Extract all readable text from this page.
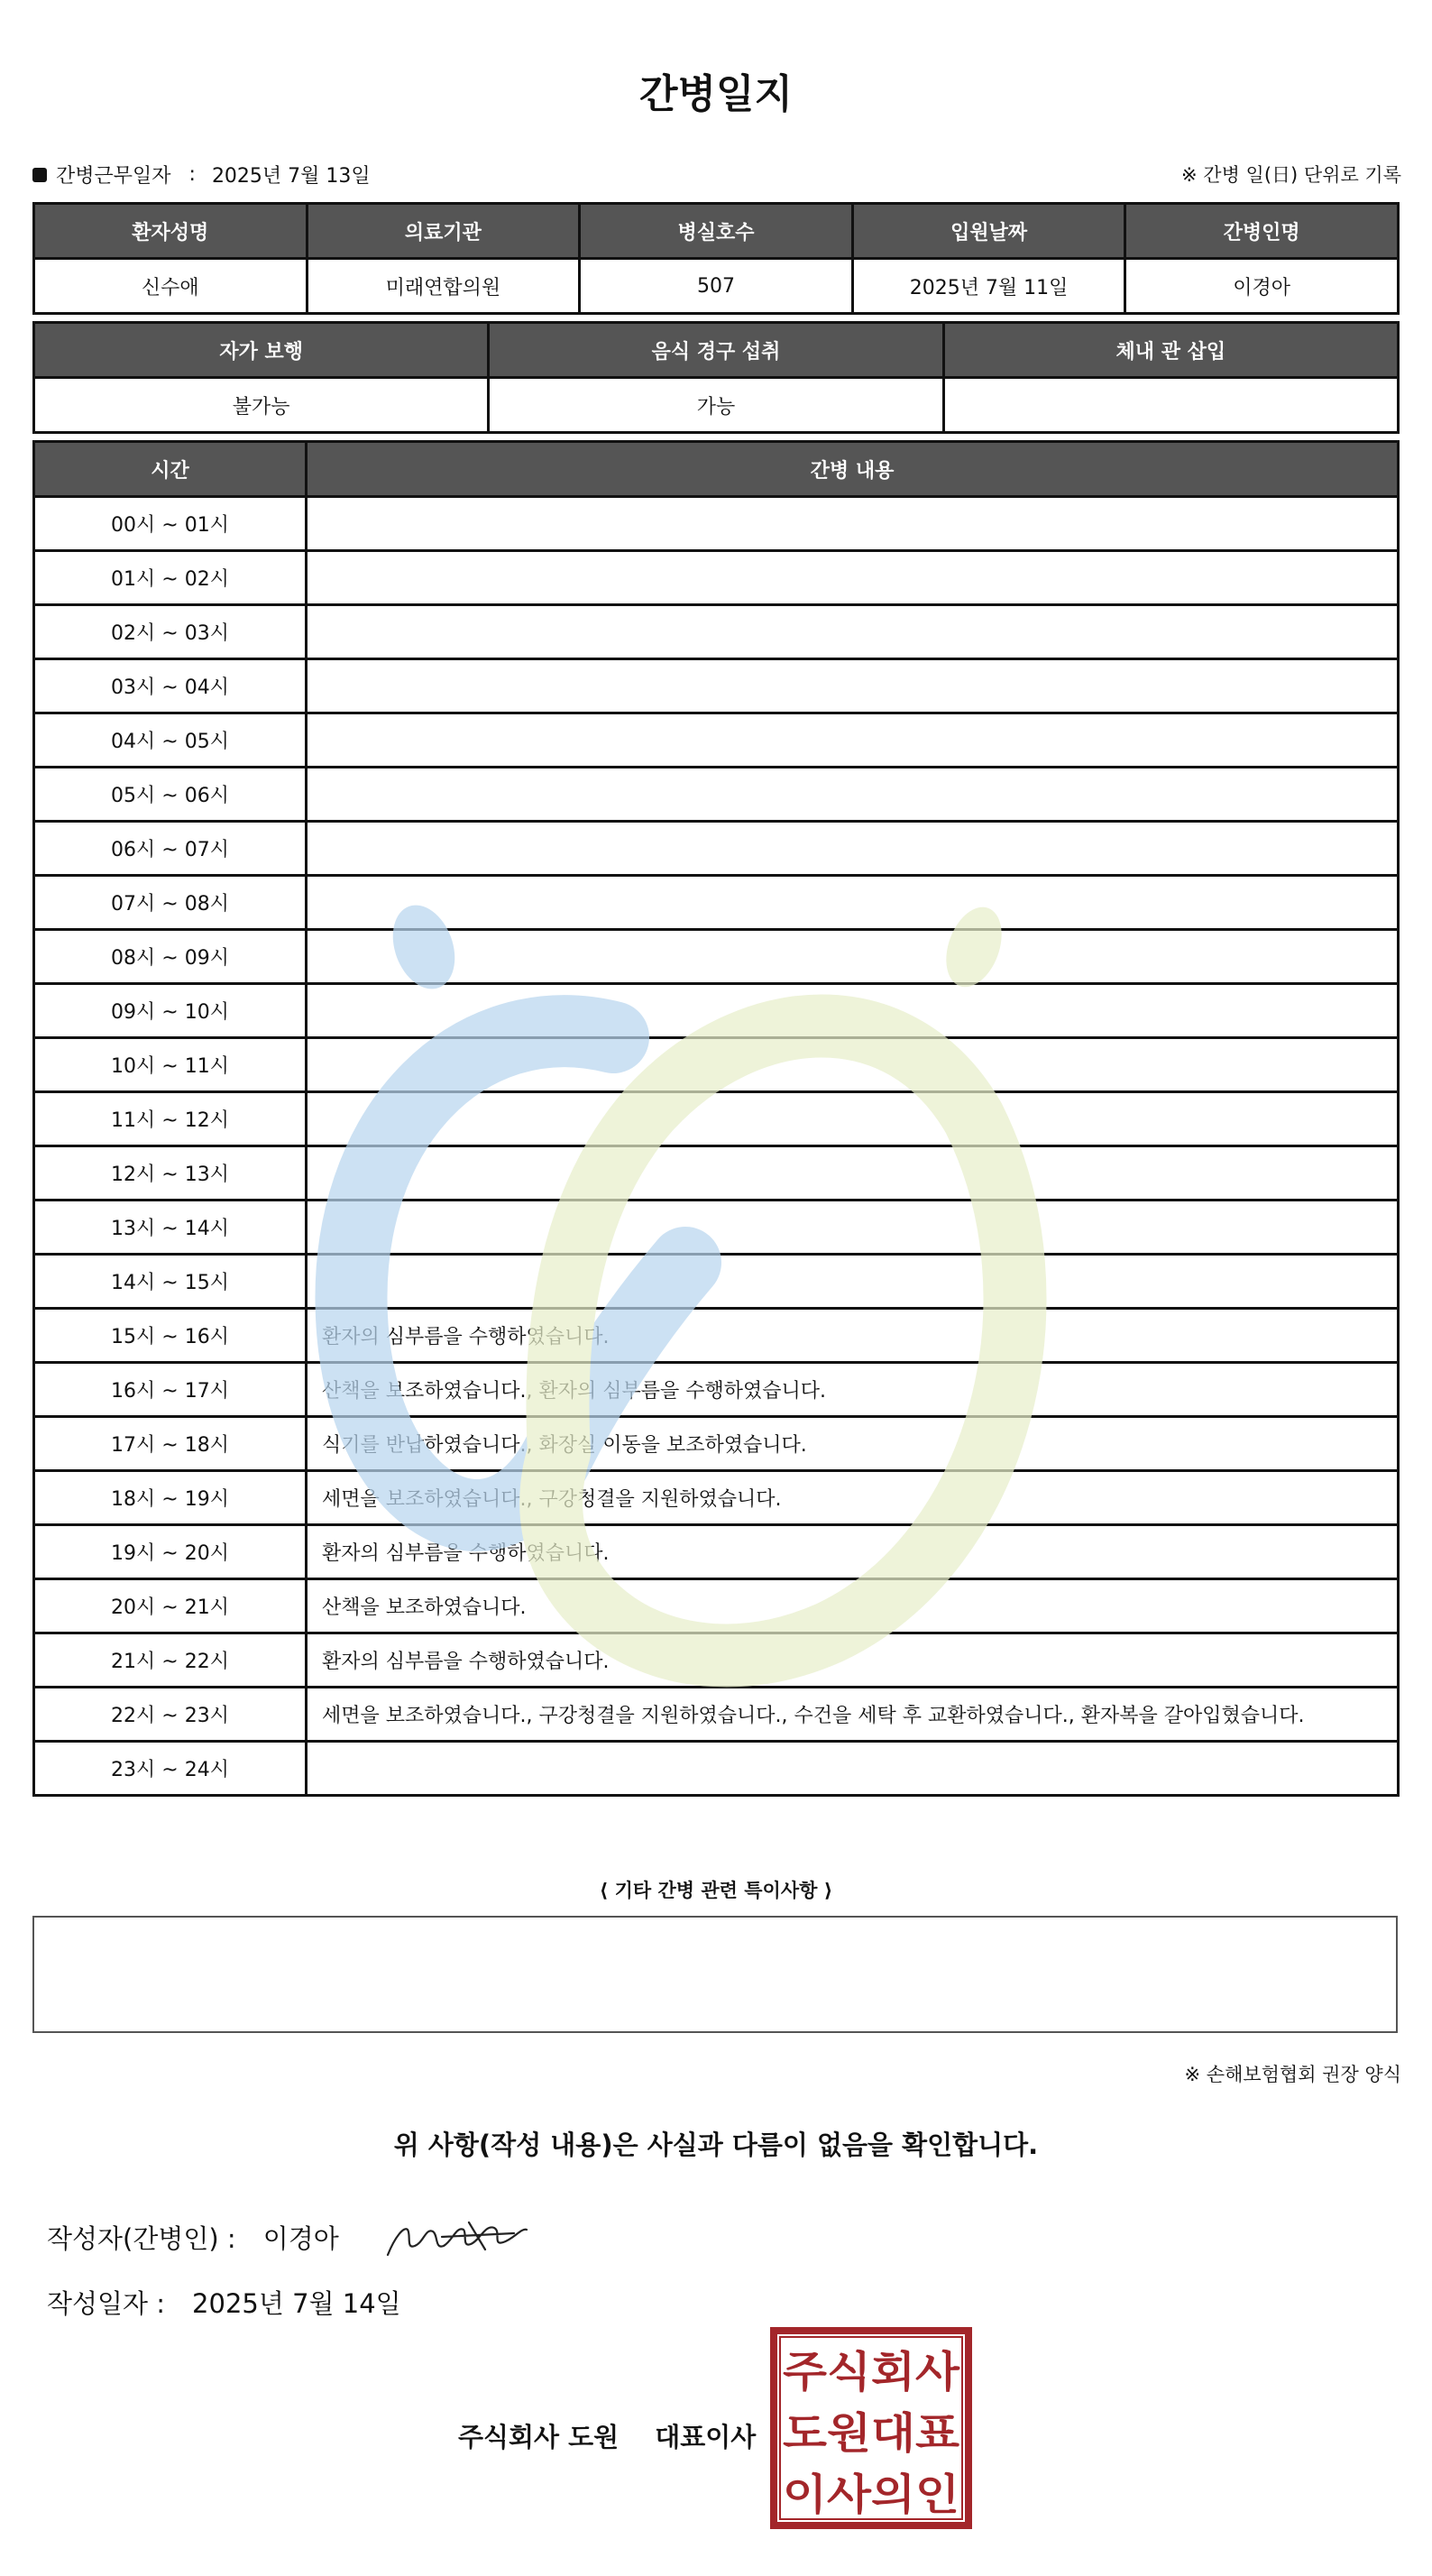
간병일지
간병근무일자 : 2025년 7월 13일	※ 간병 일(日) 단위로 기록
환자성명	의료기관	병실호수	입원날짜	간병인명
신수애	미래연합의원	507	2025년 7월 11일	이경아
자가 보행	음식 경구 섭취	체내 관 삽입
불가능	가능	
시간	간병 내용
00시 ~ 01시	
01시 ~ 02시	
02시 ~ 03시	
03시 ~ 04시	
04시 ~ 05시	
05시 ~ 06시	
06시 ~ 07시	
07시 ~ 08시	
08시 ~ 09시	
09시 ~ 10시	
10시 ~ 11시	
11시 ~ 12시	
12시 ~ 13시	
13시 ~ 14시	
14시 ~ 15시	
15시 ~ 16시	환자의 심부름을 수행하였습니다.
16시 ~ 17시	산책을 보조하였습니다., 환자의 심부름을 수행하였습니다.
17시 ~ 18시	식기를 반납하였습니다., 화장실 이동을 보조하였습니다.
18시 ~ 19시	세면을 보조하였습니다., 구강청결을 지원하였습니다.
19시 ~ 20시	환자의 심부름을 수행하였습니다.
20시 ~ 21시	산책을 보조하였습니다.
21시 ~ 22시	환자의 심부름을 수행하였습니다.
22시 ~ 23시	세면을 보조하였습니다., 구강청결을 지원하였습니다., 수건을 세탁 후 교환하였습니다., 환자복을 갈아입혔습니다.
23시 ~ 24시	
⟨ 기타 간병 관련 특이사항 ⟩
※ 손해보험협회 권장 양식
위 사항(작성 내용)은 사실과 다름이 없음을 확인합니다.
작성자(간병인) : 이경아
작성일자 : 2025년 7월 14일
주식회사 도원 대표이사
주식회사
도원대표
이사의인
